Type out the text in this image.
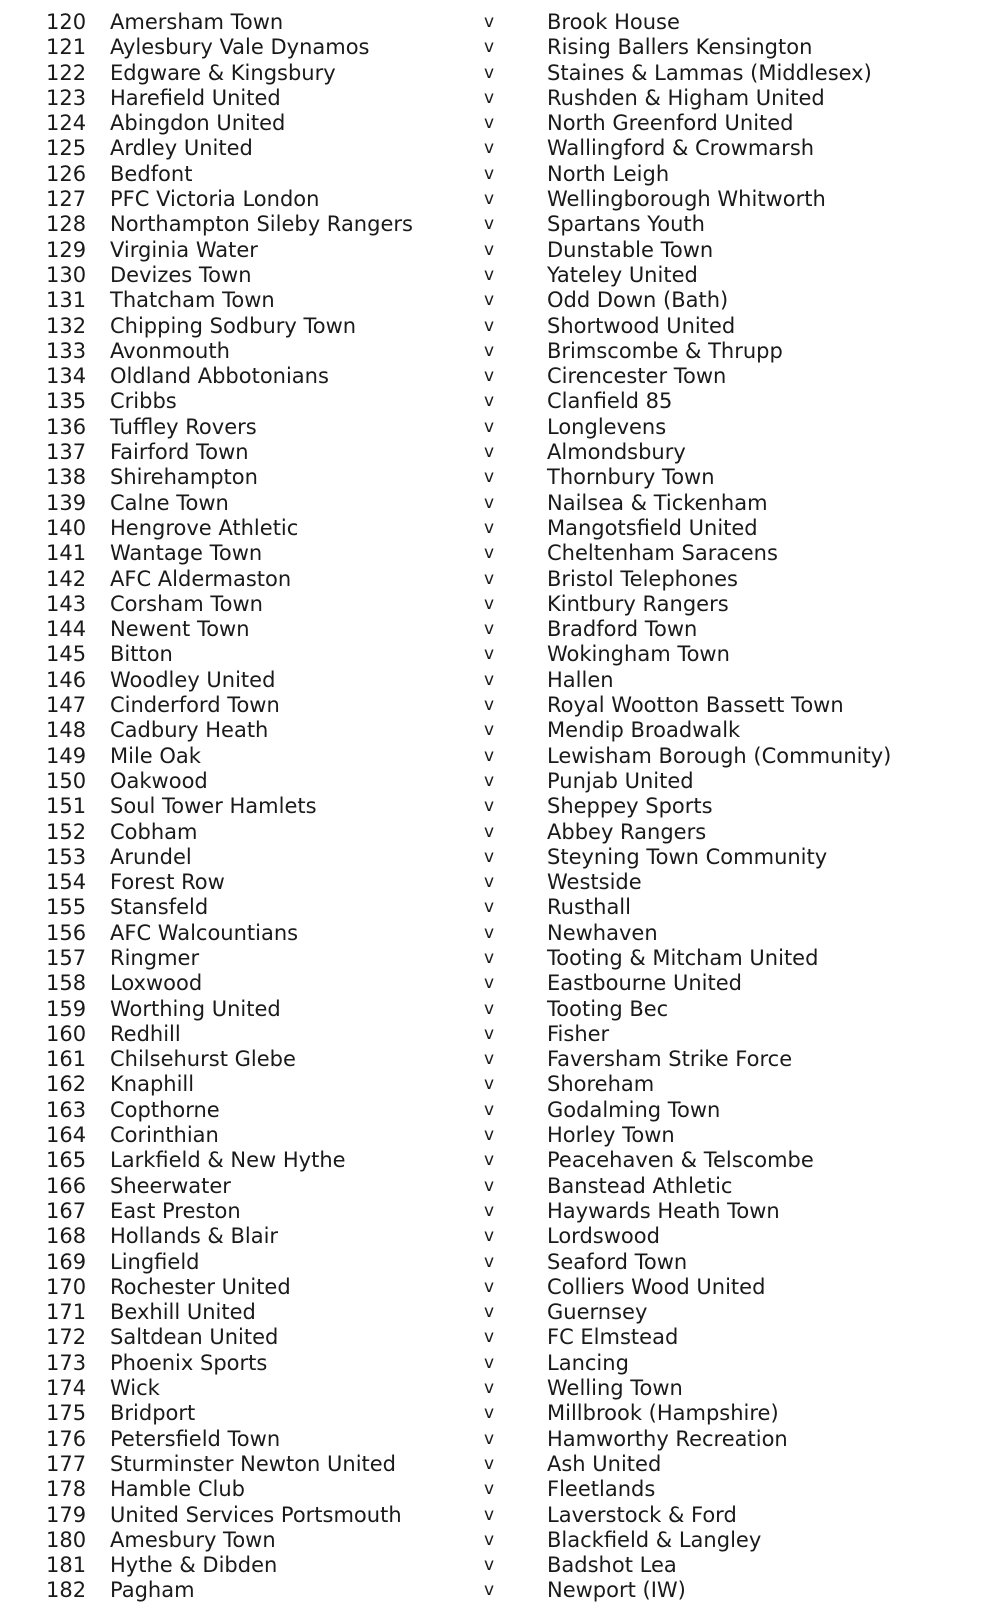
120 Amersham Town	v	Brook House
121 Aylesbury Vale Dynamos	v	Rising Ballers Kensington
122 Edgware & Kingsbury	v	Staines & Lammas (Middlesex)
123 Harefield United	v	Rushden & Higham United
124 Abingdon United	v	North Greenford United
125 Ardley United	v	Wallingford & Crowmarsh
126 Bedfont	v	North Leigh
127 PFC Victoria London	v	Wellingborough Whitworth
128 Northampton Sileby Rangers	v	Spartans Youth
129 Virginia Water	v	Dunstable Town
130 Devizes Town	v	Yateley United
131 Thatcham Town	v	Odd Down (Bath)
132 Chipping Sodbury Town	v	Shortwood United
133 Avonmouth	v	Brimscombe & Thrupp
134 Oldland Abbotonians	v	Cirencester Town
135 Cribbs	v	Clanfield 85
136 Tuffley Rovers	v	Longlevens
137 Fairford Town	v	Almondsbury
138 Shirehampton	v	Thornbury Town
139 Calne Town	v	Nailsea & Tickenham
140 Hengrove Athletic	v	Mangotsfield United
141 Wantage Town	v	Cheltenham Saracens
142 AFC Aldermaston	v	Bristol Telephones
143 Corsham Town	v	Kintbury Rangers
144 Newent Town	v	Bradford Town
145 Bitton	v	Wokingham Town
146 Woodley United	v	Hallen
147 Cinderford Town	v	Royal Wootton Bassett Town
148 Cadbury Heath	v	Mendip Broadwalk
149 Mile Oak	v	Lewisham Borough (Community)
150 Oakwood	v	Punjab United
151 Soul Tower Hamlets	v	Sheppey Sports
152 Cobham	v	Abbey Rangers
153 Arundel	v	Steyning Town Community
154 Forest Row	v	Westside
155 Stansfeld	v	Rusthall
156 AFC Walcountians	v	Newhaven
157 Ringmer	v	Tooting & Mitcham United
158 Loxwood	v	Eastbourne United
159 Worthing United	v	Tooting Bec
160 Redhill	v	Fisher
161 Chilsehurst Glebe	v	Faversham Strike Force
162 Knaphill	v	Shoreham
163 Copthorne	v	Godalming Town
164 Corinthian	v	Horley Town
165 Larkfield & New Hythe	v	Peacehaven & Telscombe
166 Sheerwater	v	Banstead Athletic
167 East Preston	v	Haywards Heath Town
168 Hollands & Blair	v	Lordswood
169 Lingfield	v	Seaford Town
170 Rochester United	v	Colliers Wood United
171 Bexhill United	v	Guernsey
172 Saltdean United	v	FC Elmstead
173 Phoenix Sports	v	Lancing
174 Wick	v	Welling Town
175 Bridport	v	Millbrook (Hampshire)
176 Petersfield Town	v	Hamworthy Recreation
177 Sturminster Newton United	v	Ash United
178 Hamble Club	v	Fleetlands
179 United Services Portsmouth	v	Laverstock & Ford
180 Amesbury Town	v	Blackfield & Langley
181 Hythe & Dibden	v	Badshot Lea
182 Pagham	v	Newport (IW)
